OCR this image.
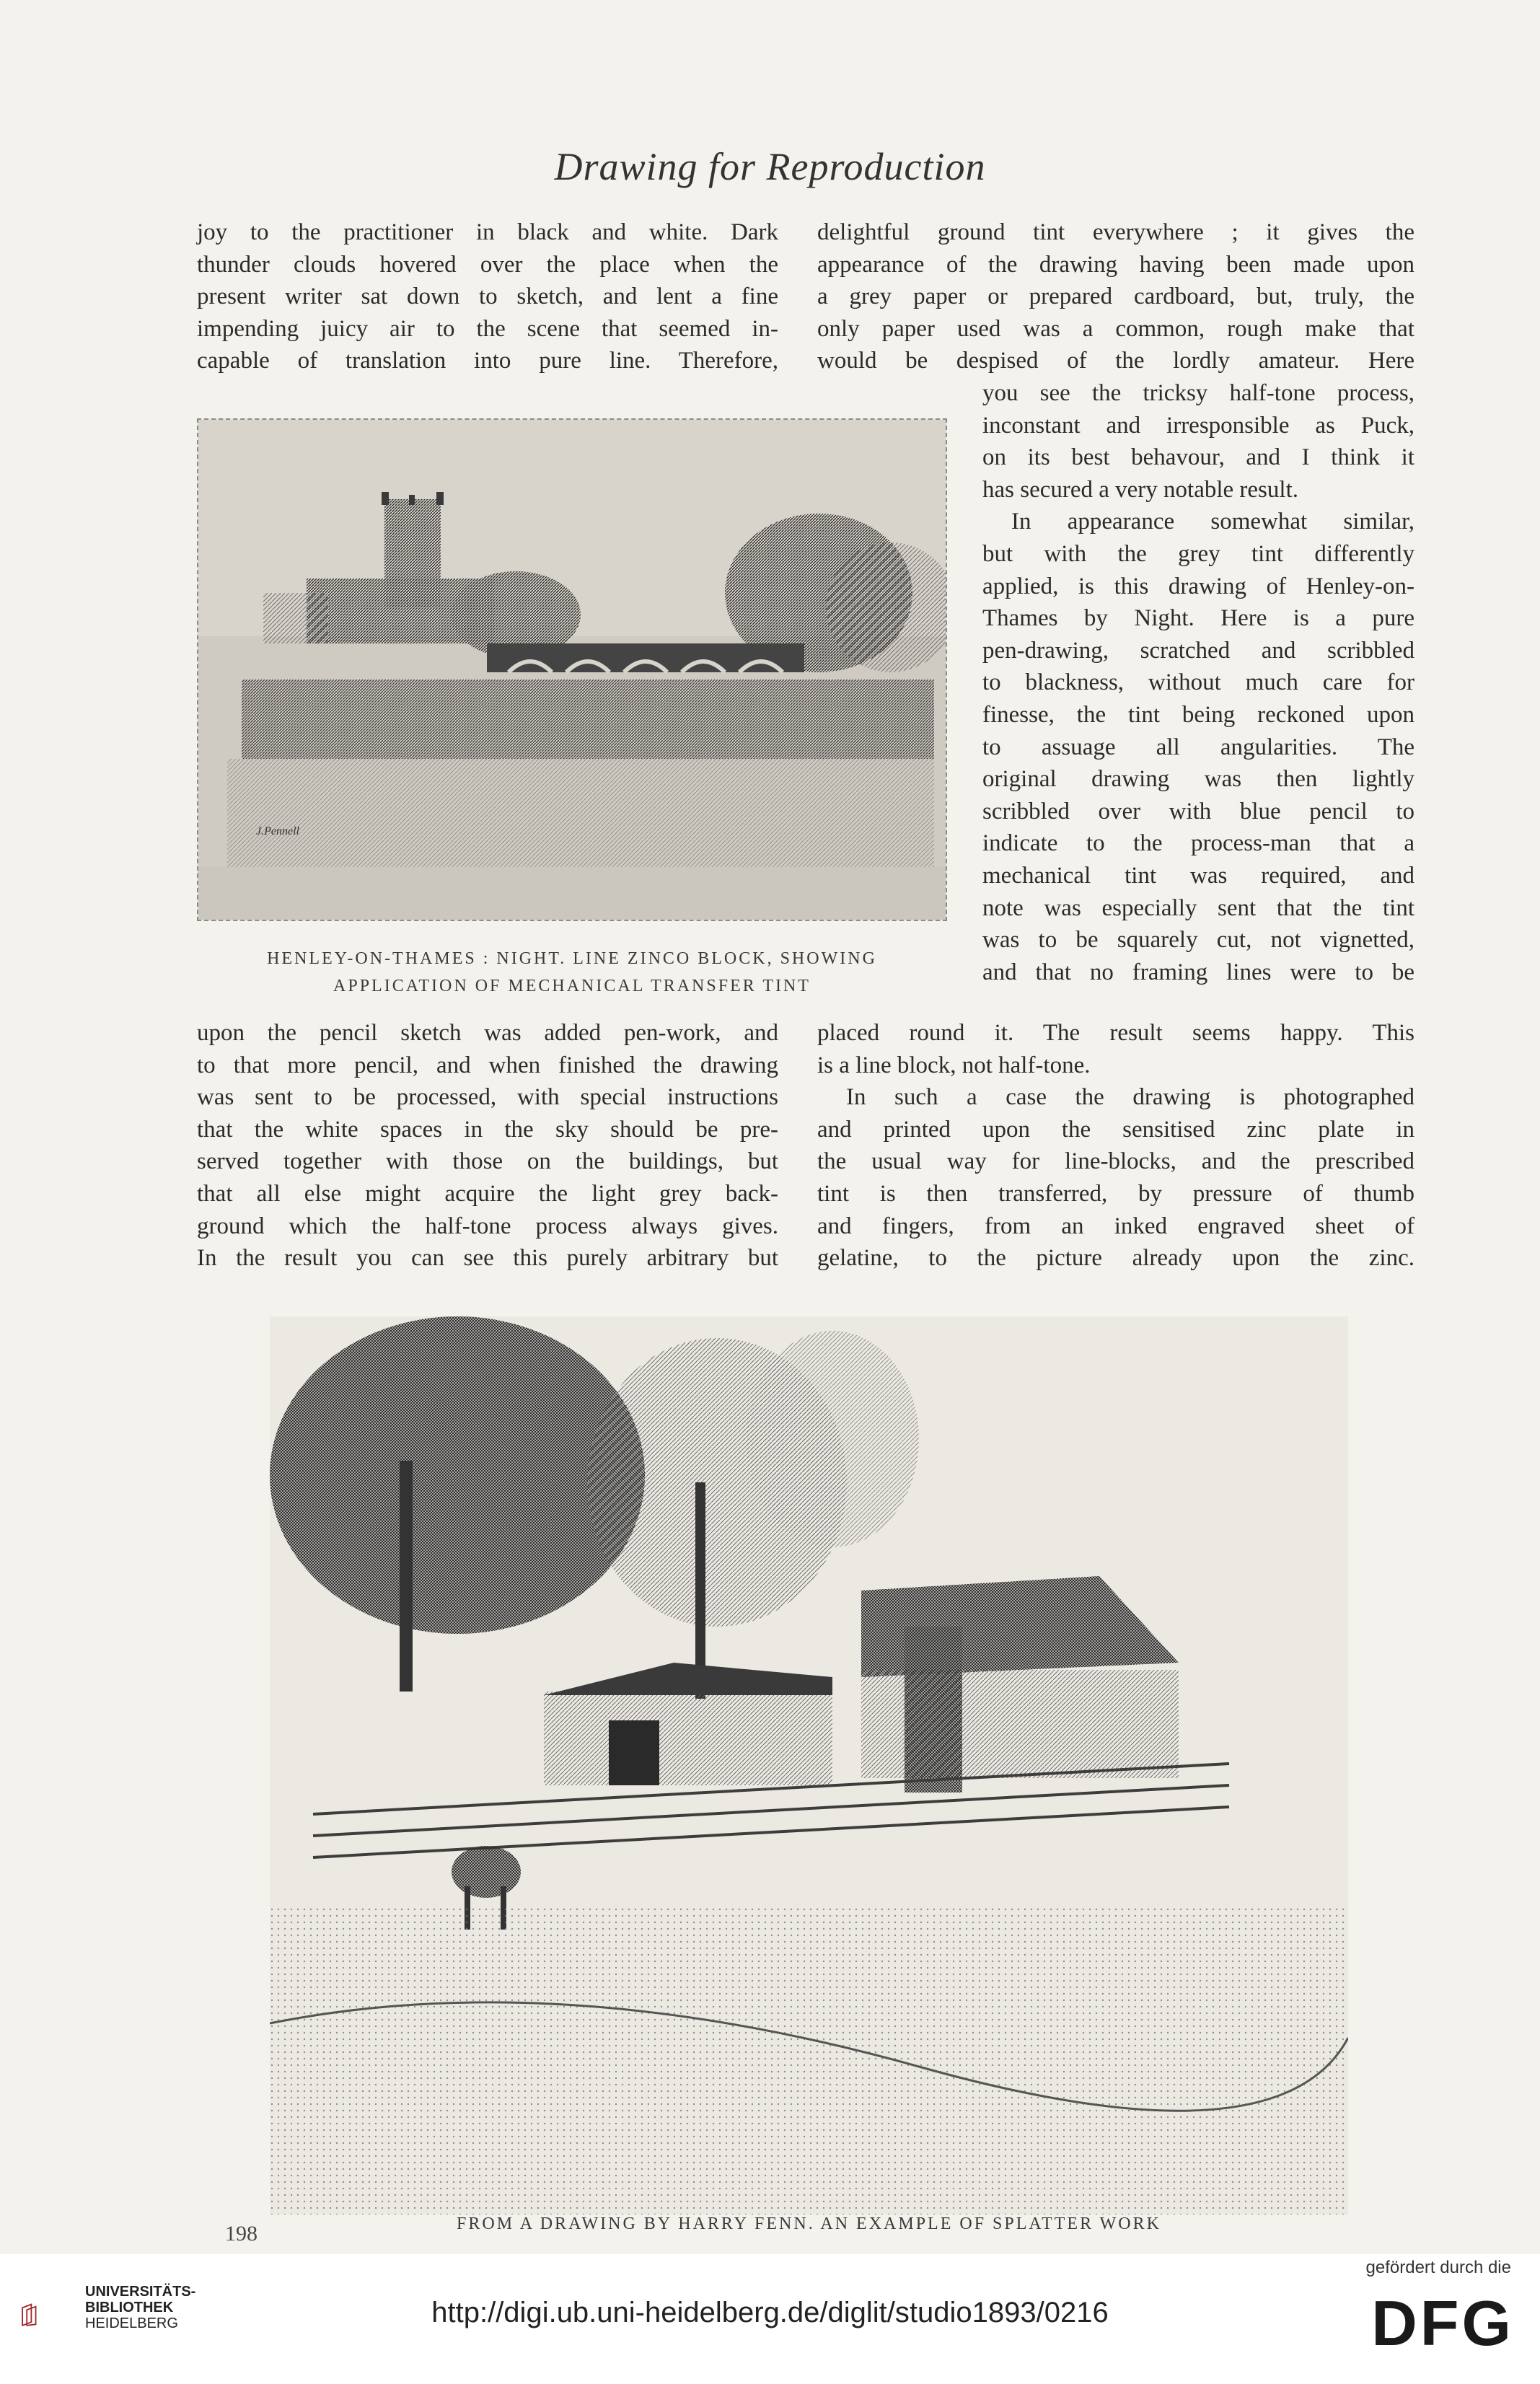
Drawing for Reproduction

joy to the practitioner in black and white. Dark

thunder clouds hovered over the place when the

present writer sat down to sketch, and lent a fine

impending juicy air to the scene that seemed in-

capable of translation into pure line. Therefore,

delightful ground tint everywhere ; it gives the

appearance of the drawing having been made upon

a grey paper or prepared cardboard, but, truly, the

only paper used was a common, rough make that

would be despised of the lordly amateur. Here

you see the tricksy half-tone process,

inconstant and irresponsible as Puck,

on its best behavour, and I think it

has secured a very notable result.

In appearance somewhat similar,

but with the grey tint differently

applied, is this drawing of Henley-on-

Thames by Night. Here is a pure

pen-drawing, scratched and scribbled

to blackness, without much care for

finesse, the tint being reckoned upon

to assuage all angularities. The

original drawing was then lightly

scribbled over with blue pencil to

indicate to the process-man that a

mechanical tint was required, and

note was especially sent that the tint

was to be squarely cut, not vignetted,

and that no framing lines were to be

J.Pennell
HENLEY-ON-THAMES : NIGHT. LINE ZINCO BLOCK, SHOWING
APPLICATION OF MECHANICAL TRANSFER TINT

upon the pencil sketch was added pen-work, and

to that more pencil, and when finished the drawing

was sent to be processed, with special instructions

that the white spaces in the sky should be pre-

served together with those on the buildings, but

that all else might acquire the light grey back-

ground which the half-tone process always gives.

In the result you can see this purely arbitrary but

placed round it. The result seems happy. This

is a line block, not half-tone.

In such a case the drawing is photographed

and printed upon the sensitised zinc plate in

the usual way for line-blocks, and the prescribed

tint is then transferred, by pressure of thumb

and fingers, from an inked engraved sheet of

gelatine, to the picture already upon the zinc.

FROM A DRAWING BY HARRY FENN. AN EXAMPLE OF SPLATTER WORK
198
UNIVERSITÄTS-
BIBLIOTHEK
HEIDELBERG	http://digi.ub.uni-heidelberg.de/diglit/studio1893/0216
gefördert durch die
DFG
